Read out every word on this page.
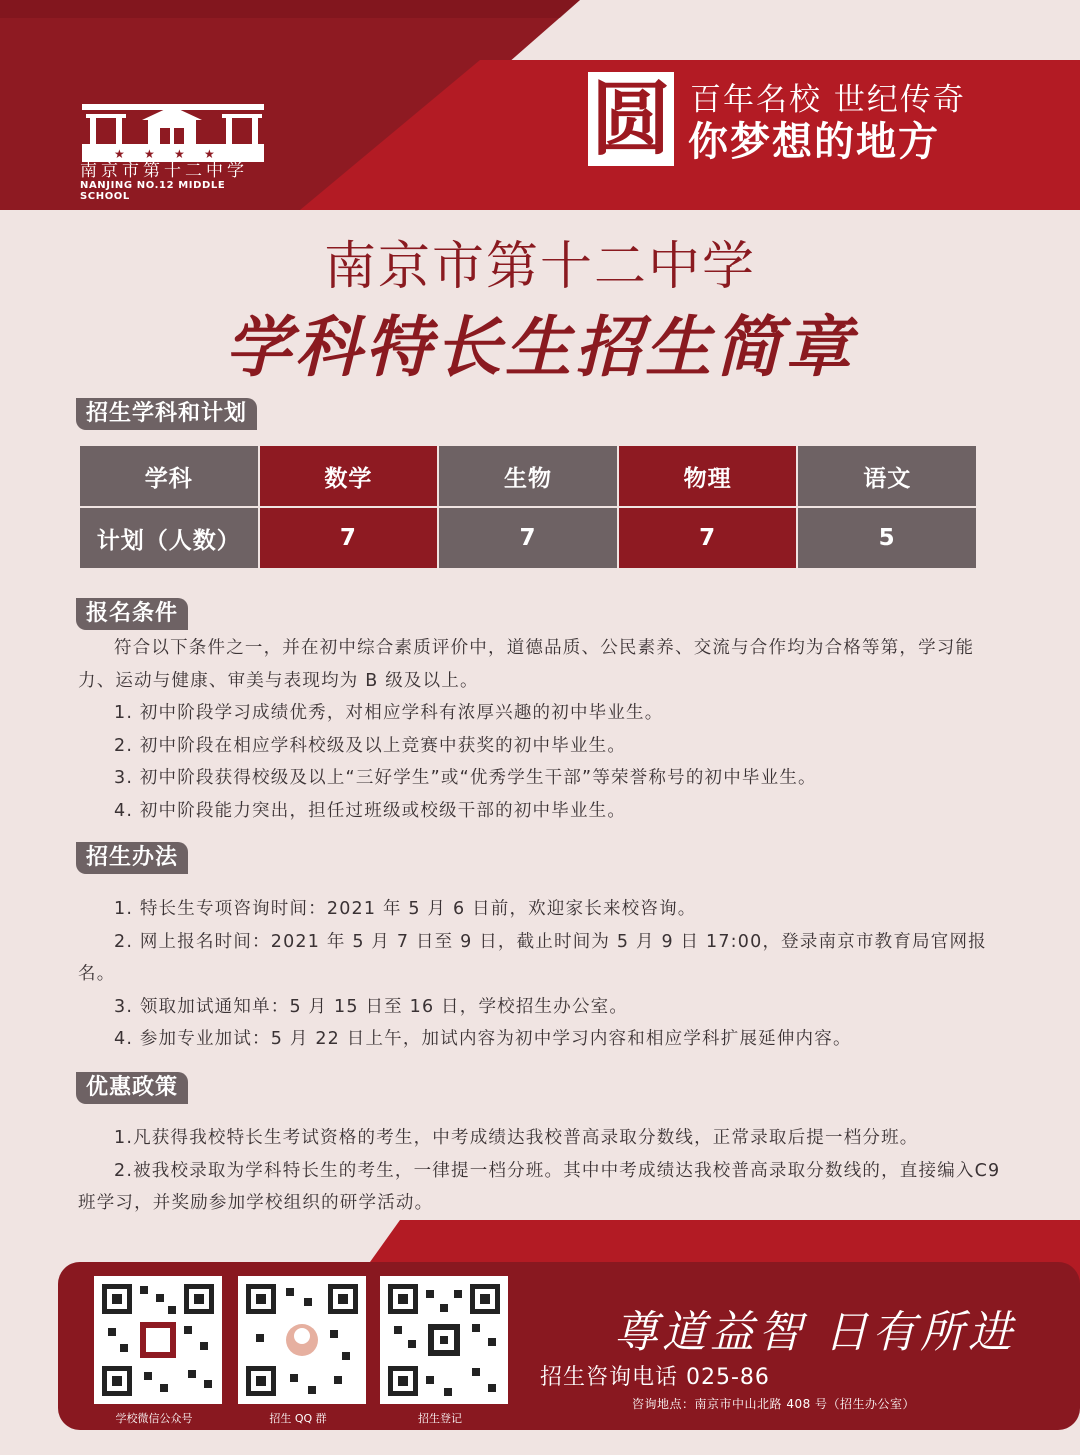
★ ★ ★ ★
南京市第十二中学
NANJING NO.12 MIDDLE SCHOOL
圆 百年名校 世纪传奇
你梦想的地方
南京市第十二中学
学科特长生招生简章
招生学科和计划
学科	数学	生物	物理	语文
计划（人数）	7	7	7	5
报名条件

符合以下条件之一，并在初中综合素质评价中，道德品质、公民素养、交流与合作均为合格等第，学习能力、运动与健康、审美与表现均为 B 级及以上。

1. 初中阶段学习成绩优秀，对相应学科有浓厚兴趣的初中毕业生。

2. 初中阶段在相应学科校级及以上竞赛中获奖的初中毕业生。

3. 初中阶段获得校级及以上“三好学生”或“优秀学生干部”等荣誉称号的初中毕业生。

4. 初中阶段能力突出，担任过班级或校级干部的初中毕业生。

招生办法

1. 特长生专项咨询时间：2021 年 5 月 6 日前，欢迎家长来校咨询。

2. 网上报名时间：2021 年 5 月 7 日至 9 日，截止时间为 5 月 9 日 17:00，登录南京市教育局官网报名。

3. 领取加试通知单：5 月 15 日至 16 日，学校招生办公室。

4. 参加专业加试：5 月 22 日上午，加试内容为初中学习内容和相应学科扩展延伸内容。

优惠政策

1.凡获得我校特长生考试资格的考生，中考成绩达我校普高录取分数线，正常录取后提一档分班。

2.被我校录取为学科特长生的考生，一律提一档分班。其中中考成绩达我校普高录取分数线的，直接编入C9班学习，并奖励参加学校组织的研学活动。

学校微信公众号	招生 QQ 群	招生登记
尊道益智 日有所进
招生咨询电话 025-86
咨询地点：南京市中山北路 408 号（招生办公室）
